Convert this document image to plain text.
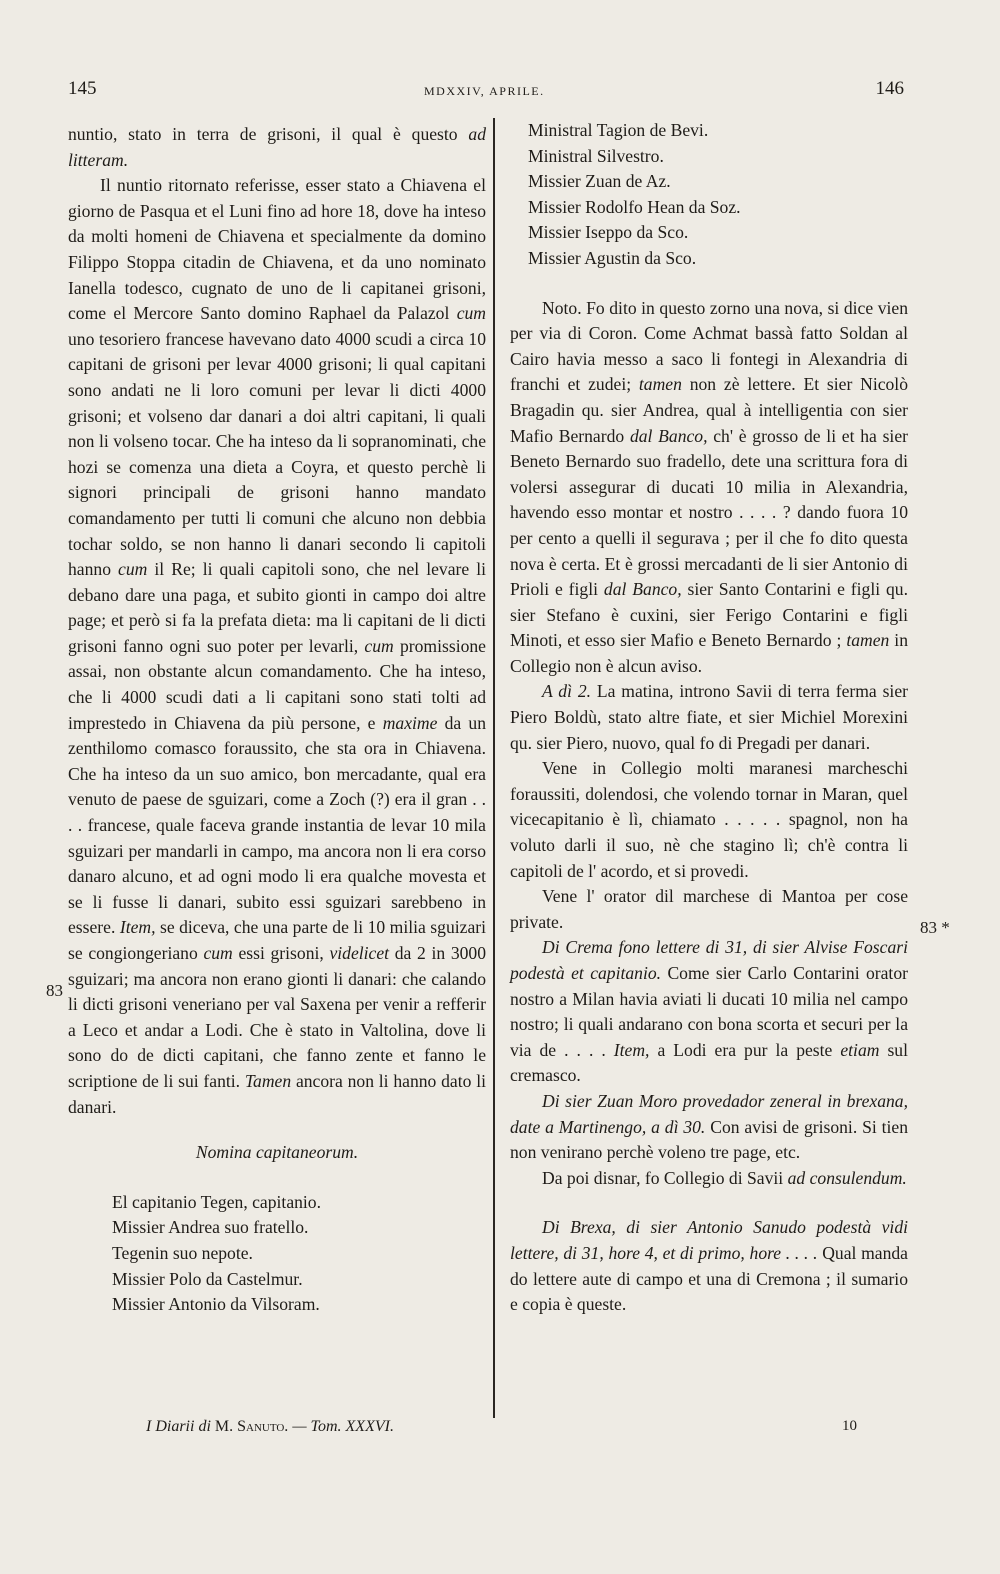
145	MDXXIV, APRILE.	146

nuntio, stato in terra de grisoni, il qual è questo ad litteram.

Il nuntio ritornato referisse, esser stato a Chiavena el giorno de Pasqua et el Luni fino ad hore 18, dove ha inteso da molti homeni de Chiavena et specialmente da domino Filippo Stoppa citadin de Chiavena, et da uno nominato Ianella todesco, cugnato de uno de li capitanei grisoni, come el Mercore Santo domino Raphael da Palazol cum uno tesoriero francese havevano dato 4000 scudi a circa 10 capitani de grisoni per levar 4000 grisoni; li qual capitani sono andati ne li loro comuni per levar li dicti 4000 grisoni; et volseno dar danari a doi altri capitani, li quali non li volseno tocar. Che ha inteso da li sopranominati, che hozi se comenza una dieta a Coyra, et questo perchè li signori principali de grisoni hanno mandato comandamento per tutti li comuni che alcuno non debbia tochar soldo, se non hanno li danari secondo li capitoli hanno cum il Re; li quali capitoli sono, che nel levare li debano dare una paga, et subito gionti in campo doi altre page; et però si fa la prefata dieta: ma li capitani de li dicti grisoni fanno ogni suo poter per levarli, cum promissione assai, non obstante alcun comandamento. Che ha inteso, che li 4000 scudi dati a li capitani sono stati tolti ad imprestedo in Chiavena da più persone, e maxime da un zenthilomo comasco foraussito, che sta ora in Chiavena. Che ha inteso da un suo amico, bon mercadante, qual era venuto de paese de sguizari, come a Zoch (?) era il gran . . . . francese, quale faceva grande instantia de levar 10 mila sguizari per mandarli in campo, ma ancora non li era corso danaro alcuno, et ad ogni modo li era qualche movesta et se li fusse li danari, subito essi sguizari sarebbeno in essere. Item, se diceva, che una parte de li 10 milia sguizari se congiongeriano cum essi grisoni, videlicet da 2 in 3000 sguizari; ma ancora non erano gionti li danari: che calando li dicti grisoni veneriano per val Saxena per venir a refferir a Leco et andar a Lodi. Che è stato in Valtolina, dove li sono do de dicti capitani, che fanno zente et fanno le scriptione de li sui fanti. Tamen ancora non li hanno dato li danari.

Nomina capitaneorum.

El capitanio Tegen, capitanio.
Missier Andrea suo fratello.
Tegenin suo nepote.
Missier Polo da Castelmur.
Missier Antonio da Vilsoram.
Ministral Tagion de Bevi.
Ministral Silvestro.
Missier Zuan de Az.
Missier Rodolfo Hean da Soz.
Missier Iseppo da Sco.
Missier Agustin da Sco.

Noto. Fo dito in questo zorno una nova, si dice vien per via di Coron. Come Achmat bassà fatto Soldan al Cairo havia messo a saco li fontegi in Alexandria di franchi et zudei; tamen non zè lettere. Et sier Nicolò Bragadin qu. sier Andrea, qual à intelligentia con sier Mafio Bernardo dal Banco, ch' è grosso de li et ha sier Beneto Bernardo suo fradello, dete una scrittura fora di volersi assegurar di ducati 10 milia in Alexandria, havendo esso montar et nostro . . . . ? dando fuora 10 per cento a quelli il segurava ; per il che fo dito questa nova è certa. Et è grossi mercadanti de li sier Antonio di Prioli e figli dal Banco, sier Santo Contarini e figli qu. sier Stefano è cuxini, sier Ferigo Contarini e figli Minoti, et esso sier Mafio e Beneto Bernardo ; tamen in Collegio non è alcun aviso.

A dì 2. La matina, introno Savii di terra ferma sier Piero Boldù, stato altre fiate, et sier Michiel Morexini qu. sier Piero, nuovo, qual fo di Pregadi per danari.

Vene in Collegio molti maranesi marcheschi foraussiti, dolendosi, che volendo tornar in Maran, quel vicecapitanio è lì, chiamato . . . . . spagnol, non ha voluto darli il suo, nè che stagino lì; ch'è contra li capitoli de l' acordo, et si provedi.

Vene l' orator dil marchese di Mantoa per cose private.

Di Crema fono lettere di 31, di sier Alvise Foscari podestà et capitanio. Come sier Carlo Contarini orator nostro a Milan havia aviati li ducati 10 milia nel campo nostro; li quali andarano con bona scorta et securi per la via de . . . . Item, a Lodi era pur la peste etiam sul cremasco.

Di sier Zuan Moro provedador zeneral in brexana, date a Martinengo, a dì 30. Con avisi de grisoni. Si tien non venirano perchè voleno tre page, etc.

Da poi disnar, fo Collegio di Savii ad consulendum.

Di Brexa, di sier Antonio Sanudo podestà vidi lettere, di 31, hore 4, et di primo, hore . . . . Qual manda do lettere aute di campo et una di Cremona ; il sumario e copia è queste.

83
83 *
I Diarii di M. Sanuto. — Tom. XXXVI.	10
